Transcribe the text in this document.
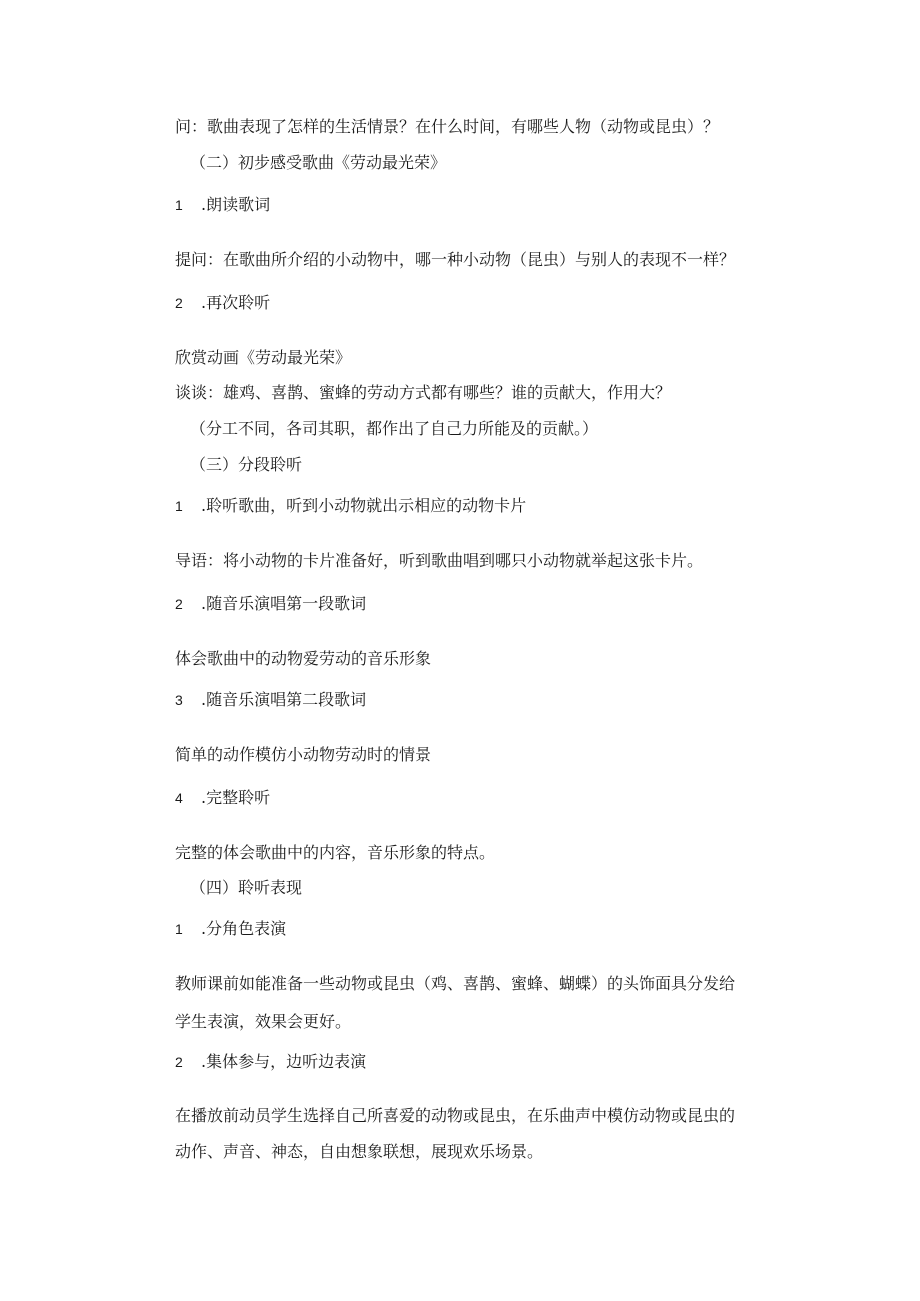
问：歌曲表现了怎样的生活情景？在什么时间，有哪些人物（动物或昆虫）？
（二）初步感受歌曲《劳动最光荣》
1 .朗读歌词
提问：在歌曲所介绍的小动物中，哪一种小动物（昆虫）与别人的表现不一样？
2 .再次聆听
欣赏动画《劳动最光荣》
谈谈：雄鸡、喜鹊、蜜蜂的劳动方式都有哪些？谁的贡献大，作用大？
（分工不同，各司其职，都作出了自己力所能及的贡献。）
（三）分段聆听
1 .聆听歌曲，听到小动物就出示相应的动物卡片
导语：将小动物的卡片准备好，听到歌曲唱到哪只小动物就举起这张卡片。
2 .随音乐演唱第一段歌词
体会歌曲中的动物爱劳动的音乐形象
3 .随音乐演唱第二段歌词
简单的动作模仿小动物劳动时的情景
4 .完整聆听
完整的体会歌曲中的内容，音乐形象的特点。
（四）聆听表现
1 .分角色表演
教师课前如能准备一些动物或昆虫（鸡、喜鹊、蜜蜂、蝴蝶）的头饰面具分发给
学生表演，效果会更好。
2 .集体参与，边听边表演
在播放前动员学生选择自己所喜爱的动物或昆虫，在乐曲声中模仿动物或昆虫的
动作、声音、神态，自由想象联想，展现欢乐场景。
